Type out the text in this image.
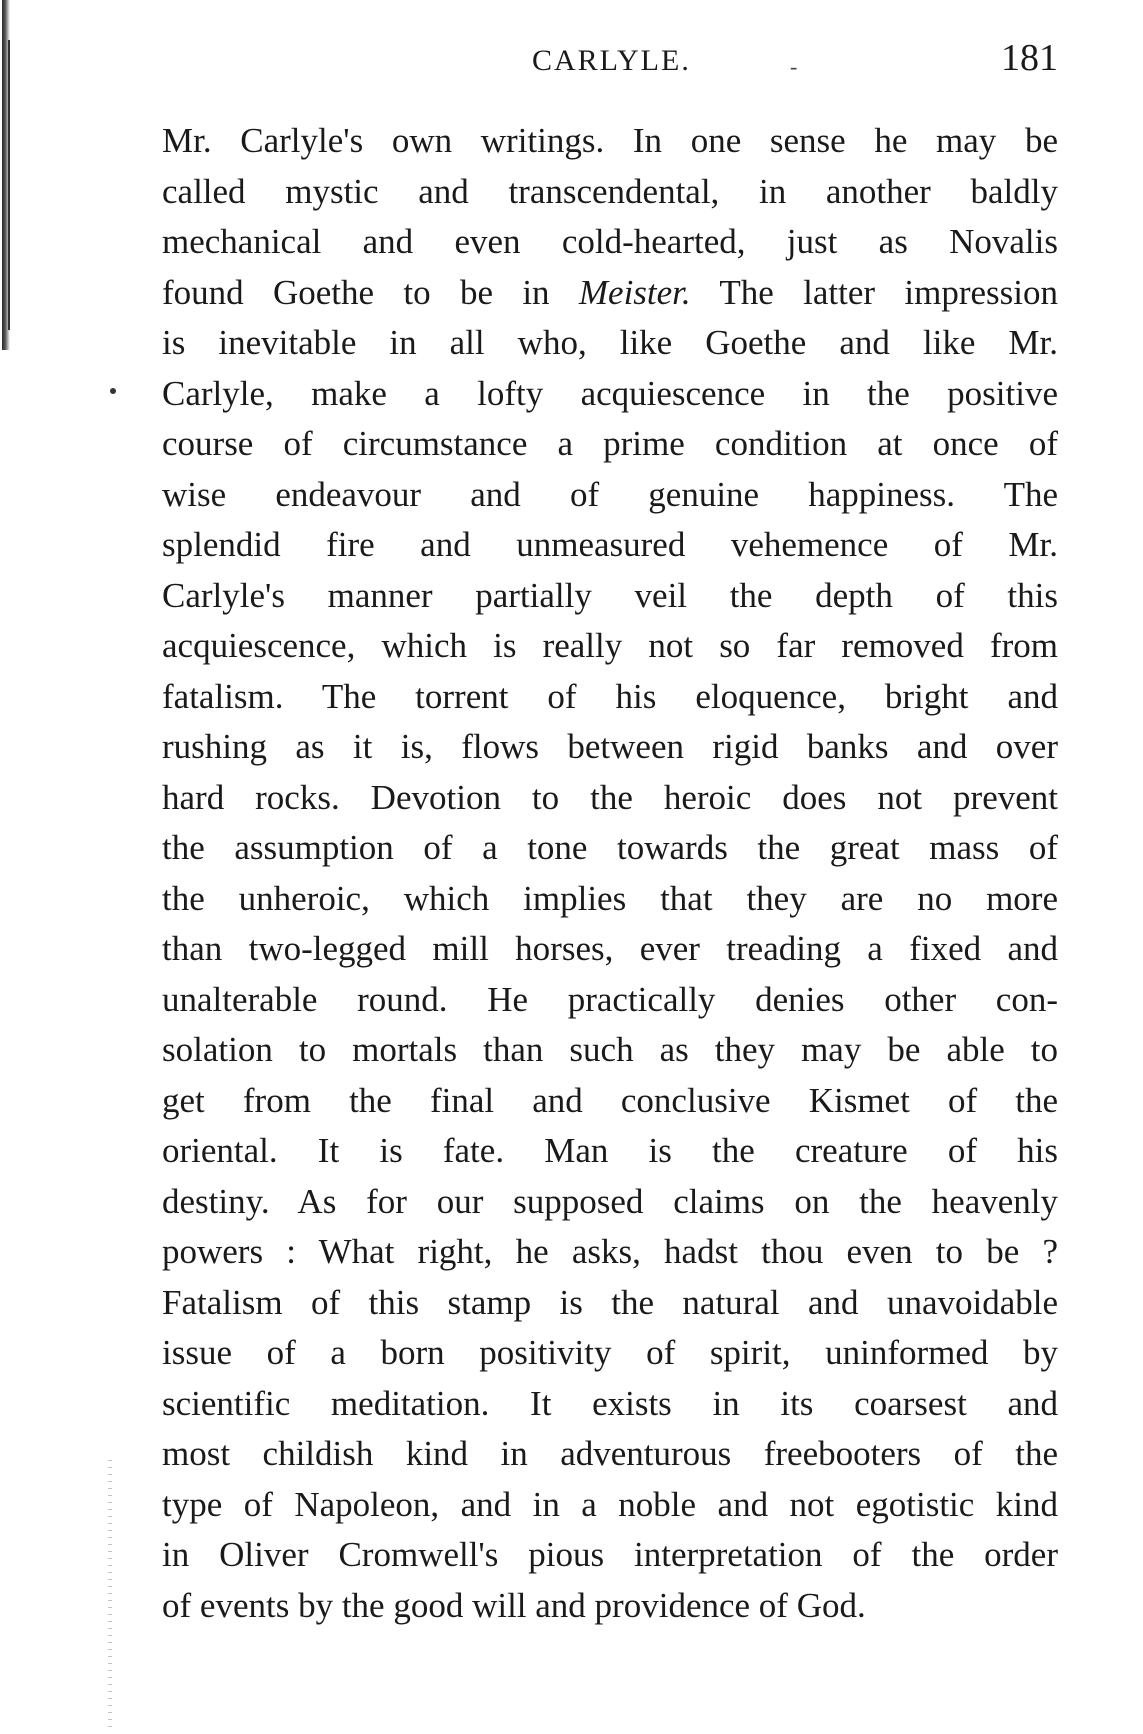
CARLYLE.	-	181
Mr. Carlyle's own writings. In one sense he may be
called mystic and transcendental, in another baldly
mechanical and even cold-hearted, just as Novalis
found Goethe to be in Meister. The latter impression
is inevitable in all who, like Goethe and like Mr.
Carlyle, make a lofty acquiescence in the positive
course of circumstance a prime condition at once of
wise endeavour and of genuine happiness. The
splendid fire and unmeasured vehemence of Mr.
Carlyle's manner partially veil the depth of this
acquiescence, which is really not so far removed from
fatalism. The torrent of his eloquence, bright and
rushing as it is, flows between rigid banks and over
hard rocks. Devotion to the heroic does not prevent
the assumption of a tone towards the great mass of
the unheroic, which implies that they are no more
than two-legged mill horses, ever treading a fixed and
unalterable round. He practically denies other con-
solation to mortals than such as they may be able to
get from the final and conclusive Kismet of the
oriental. It is fate. Man is the creature of his
destiny. As for our supposed claims on the heavenly
powers : What right, he asks, hadst thou even to be ?
Fatalism of this stamp is the natural and unavoidable
issue of a born positivity of spirit, uninformed by
scientific meditation. It exists in its coarsest and
most childish kind in adventurous freebooters of the
type of Napoleon, and in a noble and not egotistic kind
in Oliver Cromwell's pious interpretation of the order
of events by the good will and providence of God.
